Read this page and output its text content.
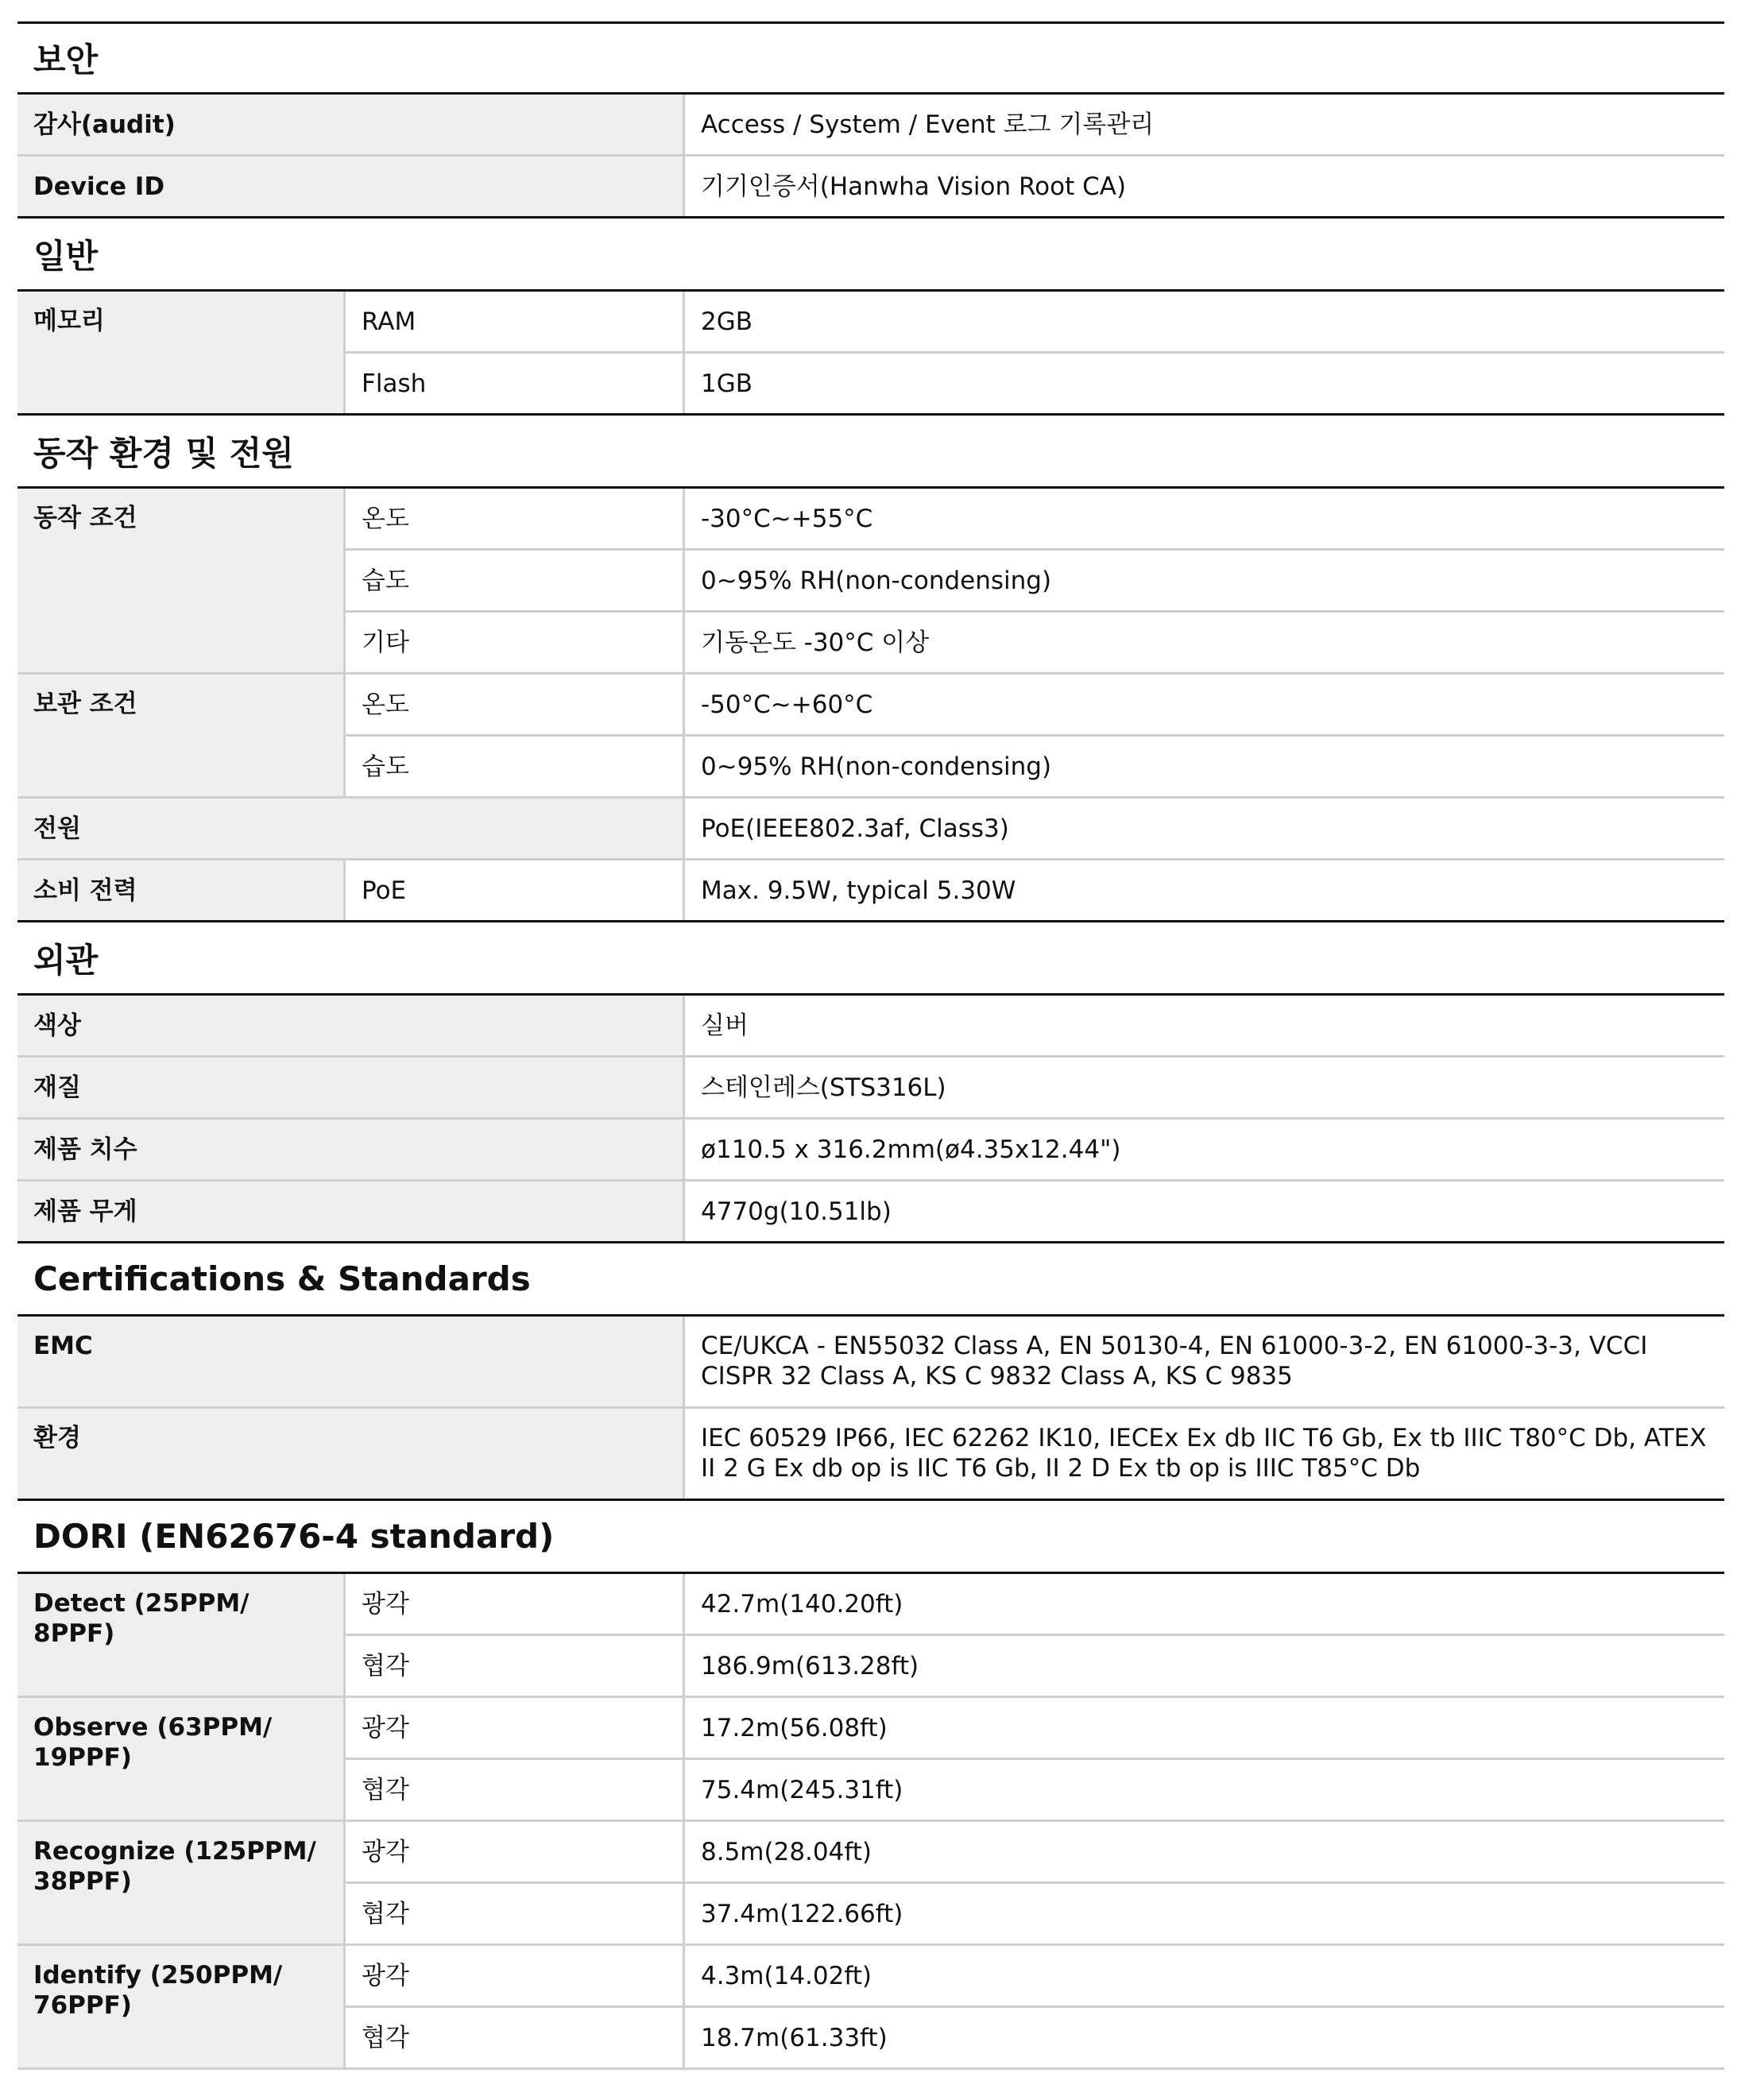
보안
감사(audit)	Access / System / Event 로그 기록관리
Device ID	기기인증서(Hanwha Vision Root CA)
일반
메모리	RAM	2GB
Flash	1GB
동작 환경 및 전원
동작 조건	온도	-30°C~+55°C
습도	0~95% RH(non-condensing)
기타	기동온도 -30°C 이상
보관 조건	온도	-50°C~+60°C
습도	0~95% RH(non-condensing)
전원	PoE(IEEE802.3af, Class3)
소비 전력	PoE	Max. 9.5W, typical 5.30W
외관
색상	실버
재질	스테인레스(STS316L)
제품 치수	ø110.5 x 316.2mm(ø4.35x12.44")
제품 무게	4770g(10.51lb)
Certifications & Standards
EMC	CE/UKCA - EN55032 Class A, EN 50130-4, EN 61000-3-2, EN 61000-3-3, VCCI CISPR 32 Class A, KS C 9832 Class A, KS C 9835
환경	IEC 60529 IP66, IEC 62262 IK10, IECEx Ex db IIC T6 Gb, Ex tb IIIC T80°C Db, ATEX II 2 G Ex db op is IIC T6 Gb, II 2 D Ex tb op is IIIC T85°C Db
DORI (EN62676-4 standard)
Detect (25PPM/ 8PPF)
광각	42.7m(140.20ft)
협각	186.9m(613.28ft)
Observe (63PPM/ 19PPF)
광각	17.2m(56.08ft)
협각	75.4m(245.31ft)
Recognize (125PPM/ 38PPF)
광각	8.5m(28.04ft)
협각	37.4m(122.66ft)
Identify (250PPM/ 76PPF)
광각	4.3m(14.02ft)
협각	18.7m(61.33ft)
